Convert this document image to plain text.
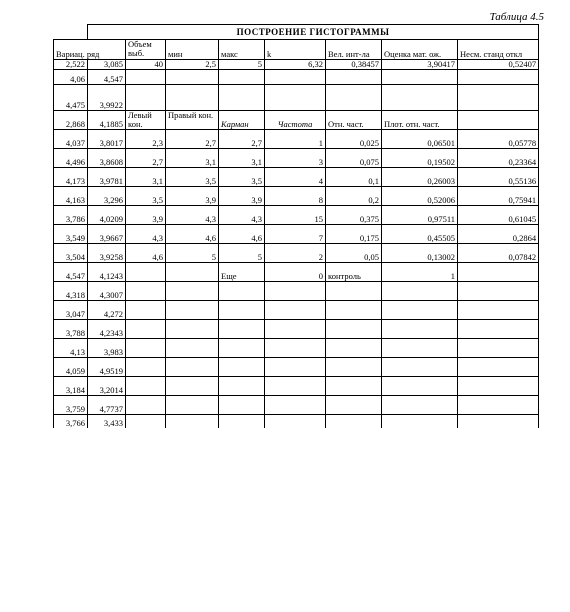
Таблица 4.5
	ПОСТРОЕНИЕ ГИСТОГРАММЫ							
Вариац. ряд		Объем выб.	мин	макс	k	Вел. инт-ла	Оценка мат. ож.	Несм. станд откл
2,522	3,085	40	2,5	5	6,32	0,38457	3,90417	0,52407
4,06	4,547							
4,475	3,9922							
2,868	4,1885	Левый кон.	Правый кон.	Карман	Частота	Отн. част.	Плот. отн. част.	
4,037	3,8017	2,3	2,7	2,7	1	0,025	0,06501	0,05778
4,496	3,8608	2,7	3,1	3,1	3	0,075	0,19502	0,23364
4,173	3,9781	3,1	3,5	3,5	4	0,1	0,26003	0,55136
4,163	3,296	3,5	3,9	3,9	8	0,2	0,52006	0,75941
3,786	4,0209	3,9	4,3	4,3	15	0,375	0,97511	0,61045
3,549	3,9667	4,3	4,6	4,6	7	0,175	0,45505	0,2864
3,504	3,9258	4,6	5	5	2	0,05	0,13002	0,07842
4,547	4,1243			Еще	0	контроль	1	
4,318	4,3007							
3,047	4,272							
3,788	4,2343							
4,13	3,983							
4,059	4,9519							
3,184	3,2014							
3,759	4,7737							
3,766	3,433							
